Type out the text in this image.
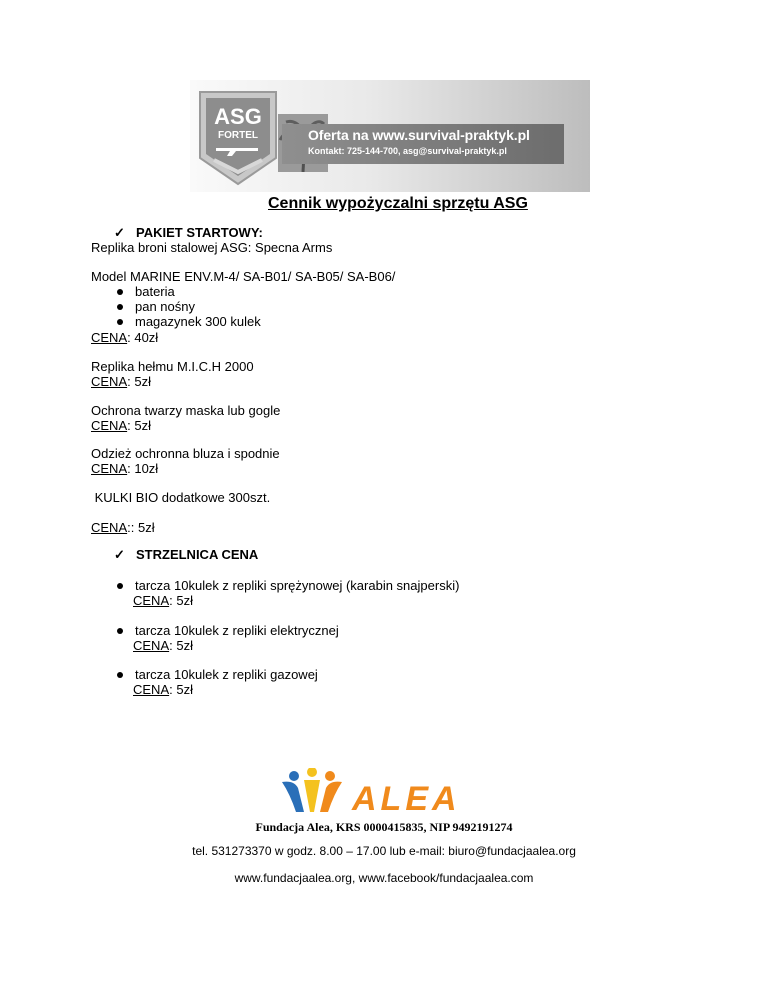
Oferta na www.survival-praktyk.pl
Kontakt: 725-144-700, asg@survival-praktyk.pl
ASG
FORTEL
Cennik wypożyczalni sprzętu ASG
✓ PAKIET STARTOWY:
Replika broni stalowej ASG: Specna Arms
Model MARINE ENV.M-4/ SA-B01/ SA-B05/ SA-B06/
bateria
pan nośny
magazynek 300 kulek
CENA: 40zł
Replika hełmu M.I.C.H 2000
CENA: 5zł
Ochrona twarzy maska lub gogle
CENA: 5zł
Odzież ochronna bluza i spodnie
CENA: 10zł
KULKI BIO dodatkowe 300szt.
CENA:: 5zł
✓ STRZELNICA CENA
tarcza 10kulek z repliki sprężynowej (karabin snajperski)
CENA: 5zł
tarcza 10kulek z repliki elektrycznej
CENA: 5zł
tarcza 10kulek z repliki gazowej
CENA: 5zł
ALEA
Fundacja Alea, KRS 0000415835, NIP 9492191274
tel. 531273370 w godz. 8.00 – 17.00 lub e-mail: biuro@fundacjaalea.org
www.fundacjaalea.org, www.facebook/fundacjaalea.com
